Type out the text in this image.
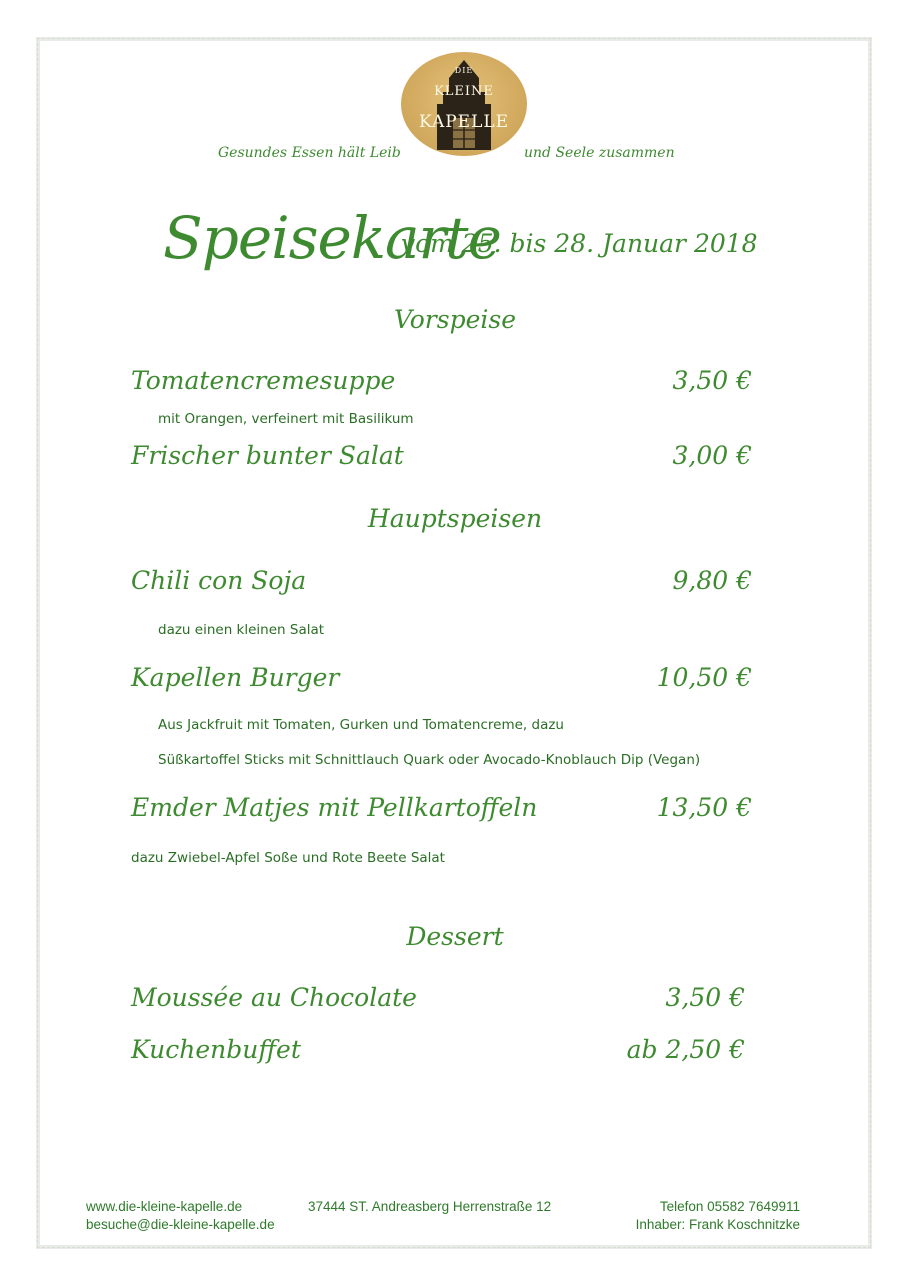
DIE
KLEINE
KAPELLE
Gesundes Essen hält Leib	und Seele zusammen
Speisekarte
vom 25. bis 28. Januar 2018
Vorspeise
Tomatencremesuppe	3,50 €
mit Orangen, verfeinert mit Basilikum
Frischer bunter Salat	3,00 €
Hauptspeisen
Chili con Soja	9,80 €
dazu einen kleinen Salat
Kapellen Burger	10,50 €
Aus Jackfruit mit Tomaten, Gurken und Tomatencreme, dazu
Süßkartoffel Sticks mit Schnittlauch Quark oder Avocado-Knoblauch Dip (Vegan)
Emder Matjes mit Pellkartoffeln	13,50 €
dazu Zwiebel-Apfel Soße und Rote Beete Salat
Dessert
Moussée au Chocolate	3,50 €
Kuchenbuffet	ab 2,50 €
www.die-kleine-kapelle.de
besuche@die-kleine-kapelle.de
37444 ST. Andreasberg Herrenstraße 12	Telefon 05582 7649911
Inhaber: Frank Koschnitzke
